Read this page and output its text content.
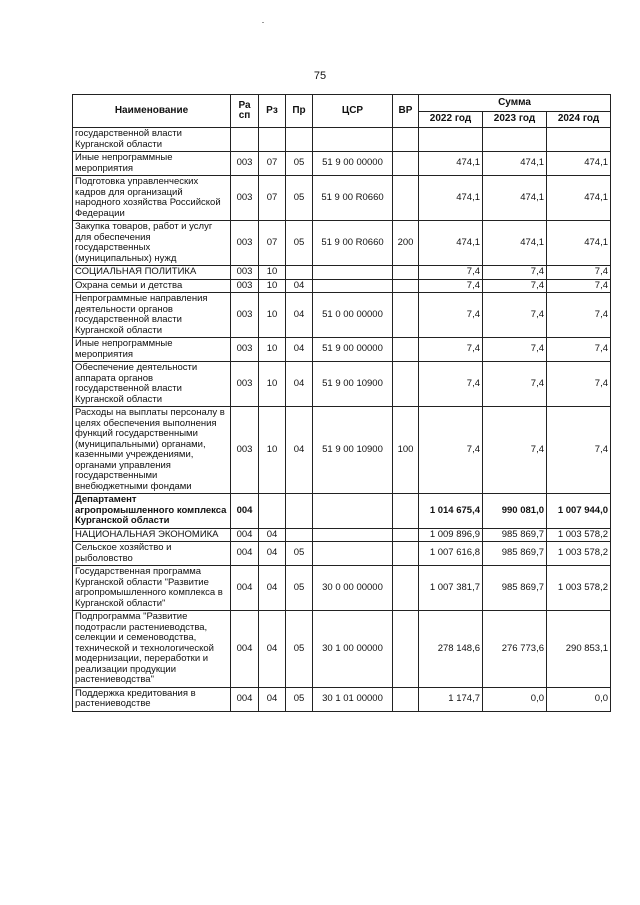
75
Наименование	Ра сп	Рз	Пр	ЦСР	ВР	Сумма		
						2022 год	2023 год	2024 год
государственной власти Курганской области								
Иные непрограммные мероприятия	003	07	05	51 9 00 00000		474,1	474,1	474,1
Подготовка управленческих кадров для организаций народного хозяйства Российской Федерации	003	07	05	51 9 00 R0660		474,1	474,1	474,1
Закупка товаров, работ и услуг для обеспечения государственных (муниципальных) нужд	003	07	05	51 9 00 R0660	200	474,1	474,1	474,1
СОЦИАЛЬНАЯ ПОЛИТИКА	003	10				7,4	7,4	7,4
Охрана семьи и детства	003	10	04			7,4	7,4	7,4
Непрограммные направления деятельности органов государственной власти Курганской области	003	10	04	51 0 00 00000		7,4	7,4	7,4
Иные непрограммные мероприятия	003	10	04	51 9 00 00000		7,4	7,4	7,4
Обеспечение деятельности аппарата органов государственной власти Курганской области	003	10	04	51 9 00 10900		7,4	7,4	7,4
Расходы на выплаты персоналу в целях обеспечения выполнения функций государственными (муниципальными) органами, казенными учреждениями, органами управления государственными внебюджетными фондами	003	10	04	51 9 00 10900	100	7,4	7,4	7,4
Департамент агропромышленного комплекса Курганской области	004					1 014 675,4	990 081,0	1 007 944,0
НАЦИОНАЛЬНАЯ ЭКОНОМИКА	004	04				1 009 896,9	985 869,7	1 003 578,2
Сельское хозяйство и рыболовство	004	04	05			1 007 616,8	985 869,7	1 003 578,2
Государственная программа Курганской области "Развитие агропромышленного комплекса в Курганской области"	004	04	05	30 0 00 00000		1 007 381,7	985 869,7	1 003 578,2
Подпрограмма "Развитие подотрасли растениеводства, селекции и семеноводства, технической и технологической модернизации, переработки и реализации продукции растениеводства"	004	04	05	30 1 00 00000		278 148,6	276 773,6	290 853,1
Поддержка кредитования в растениеводстве	004	04	05	30 1 01 00000		1 174,7	0,0	0,0
